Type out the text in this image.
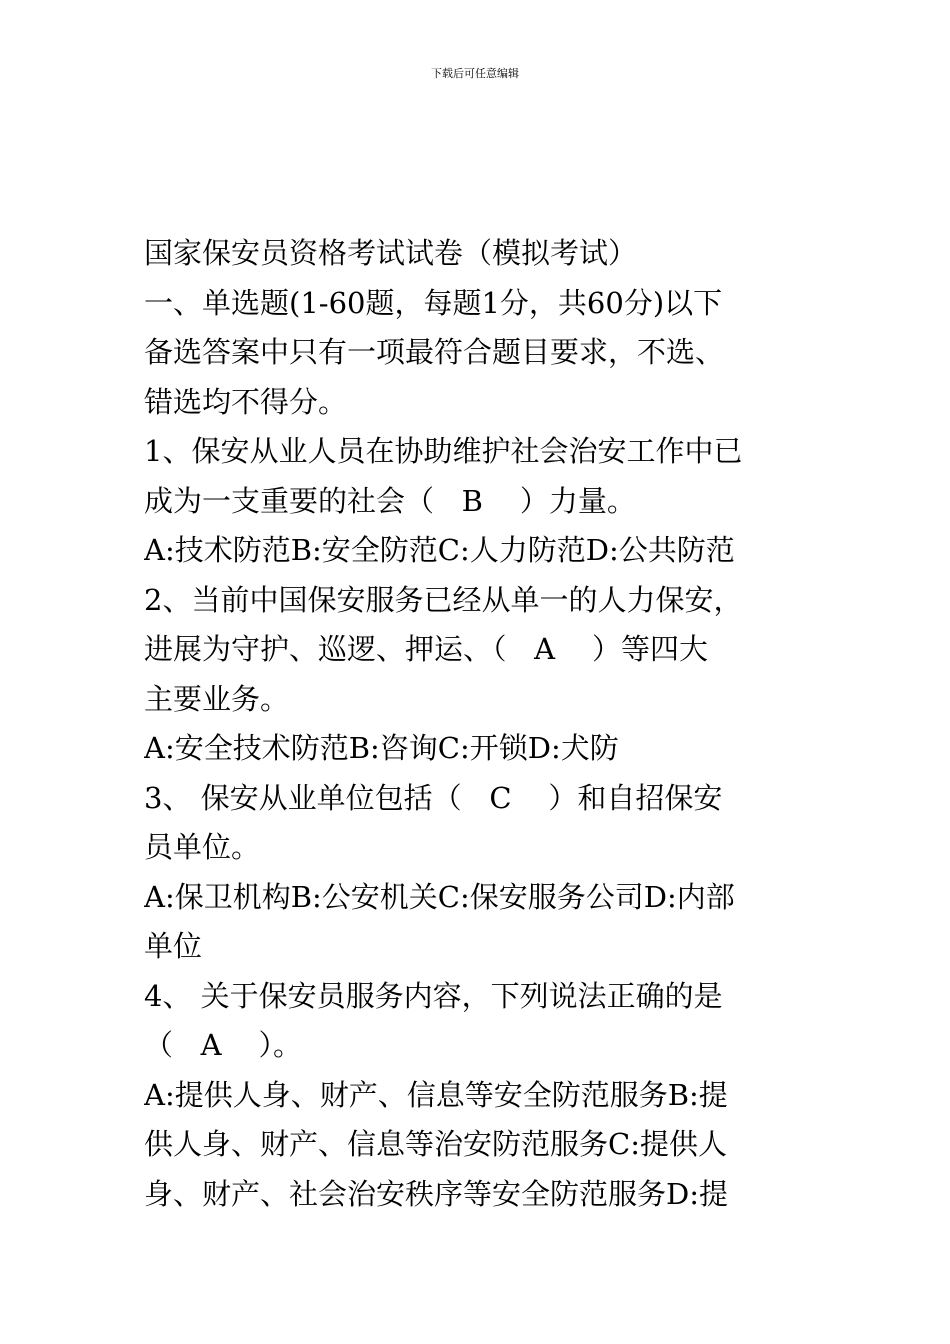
下载后可任意编辑
国家保安员资格考试试卷（模拟考试）
一、单选题(1-60题，每题1分，共60分)以下
备选答案中只有一项最符合题目要求，不选、
错选均不得分。
1、保安从业人员在协助维护社会治安工作中已
成为一支重要的社会（   B    ）力量。
A:技术防范B:安全防范C:人力防范D:公共防范
2、当前中国保安服务已经从单一的人力保安，
进展为守护、巡逻、押运、（   A    ）等四大
主要业务。
A:安全技术防范B:咨询C:开锁D:犬防
3、 保安从业单位包括（   C    ）和自招保安
员单位。
A:保卫机构B:公安机关C:保安服务公司D:内部
单位
4、 关于保安员服务内容，下列说法正确的是
（   A    ）。
A:提供人身、财产、信息等安全防范服务B:提
供人身、财产、信息等治安防范服务C:提供人
身、财产、社会治安秩序等安全防范服务D:提
